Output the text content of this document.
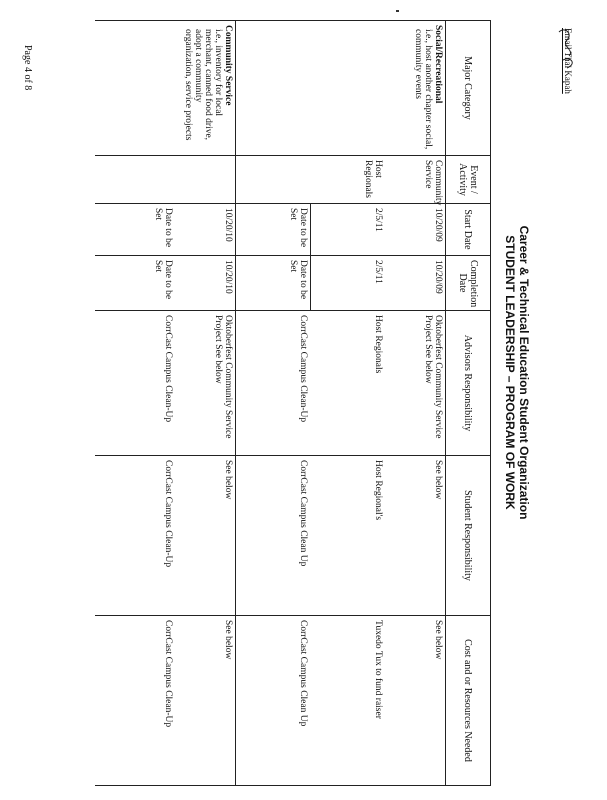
Page 4 of 8	Email Thai Kapah
Career & Technical Education Student Organization
STUDENT LEADERSHIP – PROGRAM OF WORK
Major Category	Event / Activity	Start Date	Completion Date	Advisors Responsibility	Student Responsibility	Cost and or Resources Needed

Social/Recreational
i.e., host another chapter social, community events	Community Service	10/20/09	10/20/09	Oktoberfest Community Service Project See below	See below	See below
	Host Regionals	2/5/11	2/5/11	Host Regionals	Host Regional's	Tuxedo Tux to fund raiser
		Date to be Set	Date to be Set	CorrCast Campus Clean-Up	CorrCast Campus Clean Up	CorrCast Campus Clean Up

Community Service
i.e., inventory for local merchant, canned food drive, adopt a community organization, service projects		10/20/10	10/20/10	Oktoberfest Community Service Project See below	See below	See below
		Date to be Set	Date to be Set	CorrCast Campus Clean-Up	CorrCast Campus Clean-Up	CorrCast Campus Clean-Up
